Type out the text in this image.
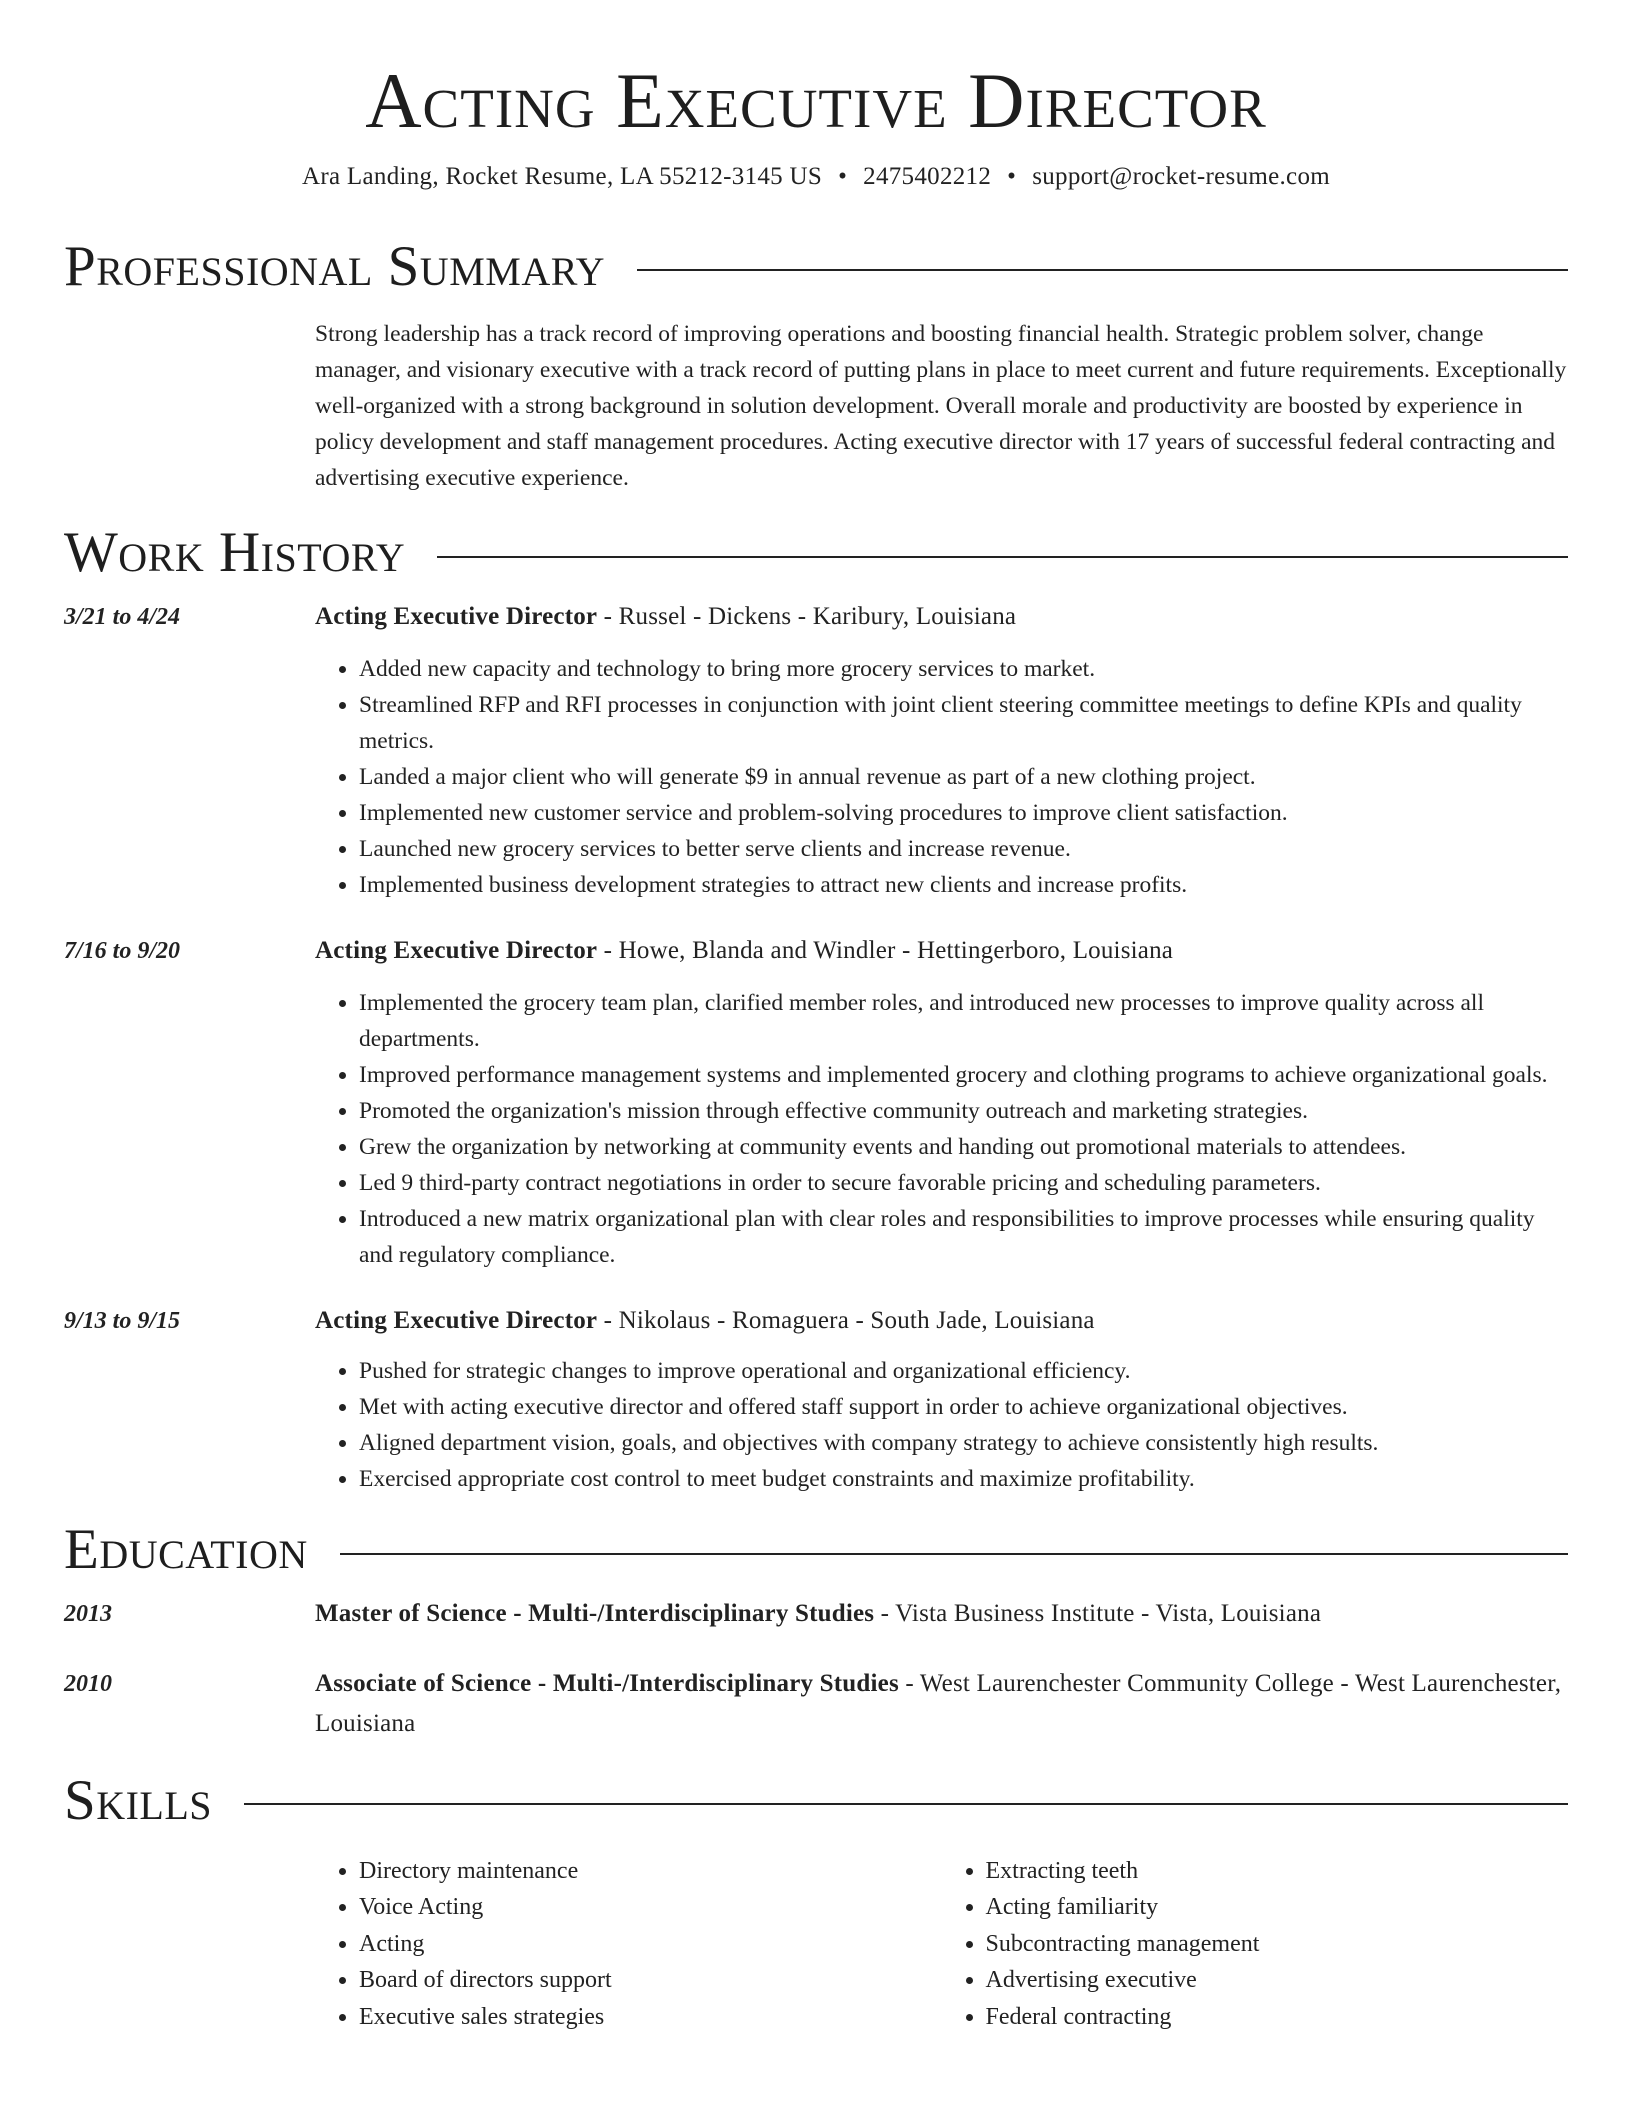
Acting Executive Director
Ara Landing, Rocket Resume, LA 55212-3145 US • 2475402212 • support@rocket-resume.com
Professional Summary
Strong leadership has a track record of improving operations and boosting financial health. Strategic problem solver, change manager, and visionary executive with a track record of putting plans in place to meet current and future requirements. Exceptionally well-organized with a strong background in solution development. Overall morale and productivity are boosted by experience in policy development and staff management procedures. Acting executive director with 17 years of successful federal contracting and advertising executive experience.
Work History
3/21 to 4/24	Acting Executive Director - Russel - Dickens - Karibury, Louisiana
• Added new capacity and technology to bring more grocery services to market.
• Streamlined RFP and RFI processes in conjunction with joint client steering committee meetings to define KPIs and quality metrics.
• Landed a major client who will generate $9 in annual revenue as part of a new clothing project.
• Implemented new customer service and problem-solving procedures to improve client satisfaction.
• Launched new grocery services to better serve clients and increase revenue.
• Implemented business development strategies to attract new clients and increase profits.
7/16 to 9/20	Acting Executive Director - Howe, Blanda and Windler - Hettingerboro, Louisiana
• Implemented the grocery team plan, clarified member roles, and introduced new processes to improve quality across all departments.
• Improved performance management systems and implemented grocery and clothing programs to achieve organizational goals.
• Promoted the organization's mission through effective community outreach and marketing strategies.
• Grew the organization by networking at community events and handing out promotional materials to attendees.
• Led 9 third-party contract negotiations in order to secure favorable pricing and scheduling parameters.
• Introduced a new matrix organizational plan with clear roles and responsibilities to improve processes while ensuring quality and regulatory compliance.
9/13 to 9/15	Acting Executive Director - Nikolaus - Romaguera - South Jade, Louisiana
• Pushed for strategic changes to improve operational and organizational efficiency.
• Met with acting executive director and offered staff support in order to achieve organizational objectives.
• Aligned department vision, goals, and objectives with company strategy to achieve consistently high results.
• Exercised appropriate cost control to meet budget constraints and maximize profitability.
Education
2013	Master of Science - Multi-/Interdisciplinary Studies - Vista Business Institute - Vista, Louisiana
2010	Associate of Science - Multi-/Interdisciplinary Studies - West Laurenchester Community College - West Laurenchester, Louisiana
Skills
• Directory maintenance
• Voice Acting
• Acting
• Board of directors support
• Executive sales strategies
• Extracting teeth
• Acting familiarity
• Subcontracting management
• Advertising executive
• Federal contracting
